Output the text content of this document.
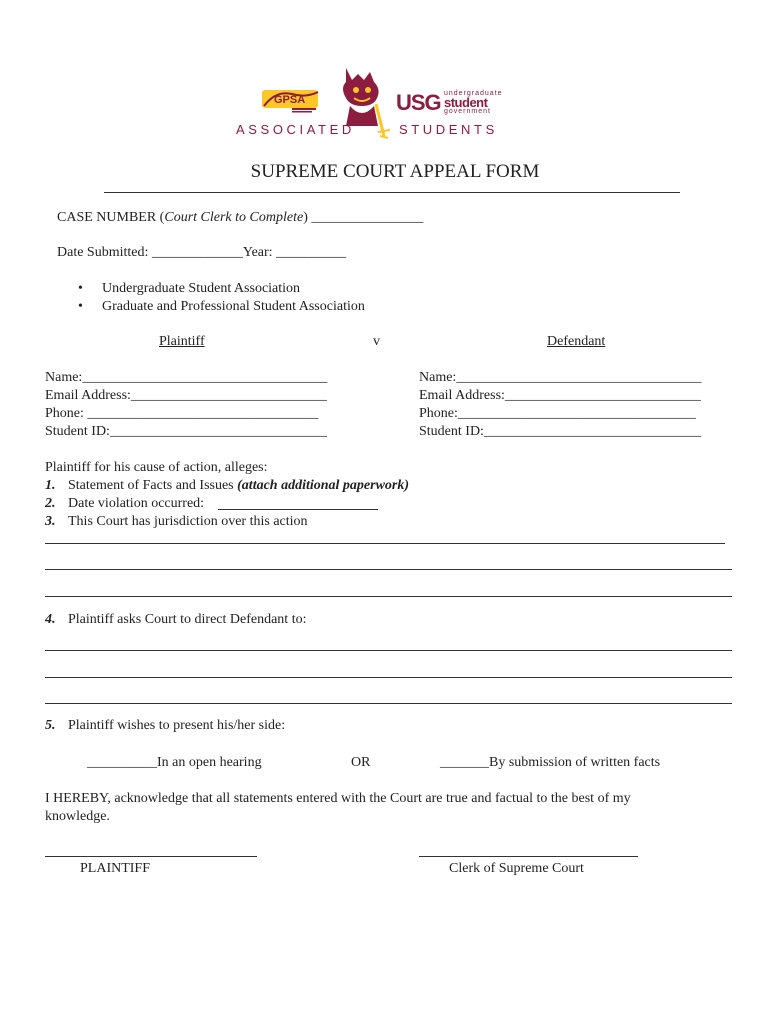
GPSA	USG undergraduate
student
government
ASSOCIATED	STUDENTS
SUPREME COURT APPEAL FORM
CASE NUMBER (Court Clerk to Complete) ________________
Date Submitted: _____________Year: __________
• Undergraduate Student Association
• Graduate and Professional Student Association
Plaintiff	v	Defendant
Name:___________________________________
Email Address:____________________________
Phone: _________________________________
Student ID:_______________________________
Name:___________________________________
Email Address:____________________________
Phone:__________________________________
Student ID:_______________________________
Plaintiff for his cause of action, alleges:
1. Statement of Facts and Issues (attach additional paperwork)
2. Date violation occurred:
3. This Court has jurisdiction over this action
4. Plaintiff asks Court to direct Defendant to:
5. Plaintiff wishes to present his/her side:
__________In an open hearing	OR	_______By submission of written facts
I HEREBY, acknowledge that all statements entered with the Court are true and factual to the best of my
knowledge.
PLAINTIFF	Clerk of Supreme Court
